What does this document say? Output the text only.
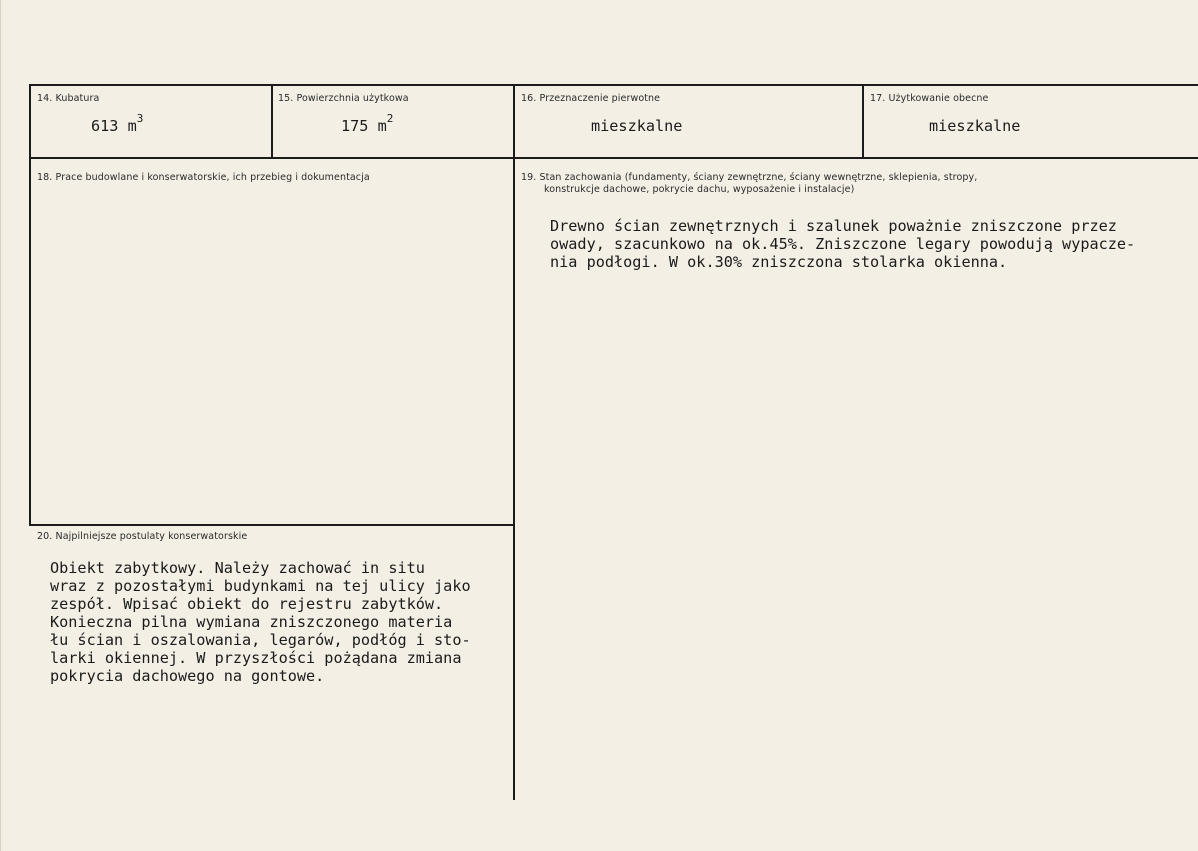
14. Kubatura
613 $m^3$
15. Powierzchnia użytkowa
175 $m^2$
16. Przeznaczenie pierwotne
mieszkalne
17. Użytkowanie obecne
mieszkalne
18. Prace budowlane i konserwatorskie, ich przebieg i dokumentacja	19. Stan zachowania (fundamenty, ściany zewnętrzne, ściany wewnętrzne, sklepienia, stropy,
konstrukcje dachowe, pokrycie dachu, wyposażenie i instalacje)
Drewno ścian zewnętrznych i szalunek poważnie zniszczone przez
owady, szacunkowo na ok.45%. Zniszczone legary powodują wypacze-
nia podłogi. W ok.30% zniszczona stolarka okienna.
20. Najpilniejsze postulaty konserwatorskie
Obiekt zabytkowy. Należy zachować in situ
wraz z pozostałymi budynkami na tej ulicy jako
zespół. Wpisać obiekt do rejestru zabytków.
Konieczna pilna wymiana zniszczonego materia
łu ścian i oszalowania, legarów, podłóg i sto-
larki okiennej. W przyszłości pożądana zmiana
pokrycia dachowego na gontowe.
